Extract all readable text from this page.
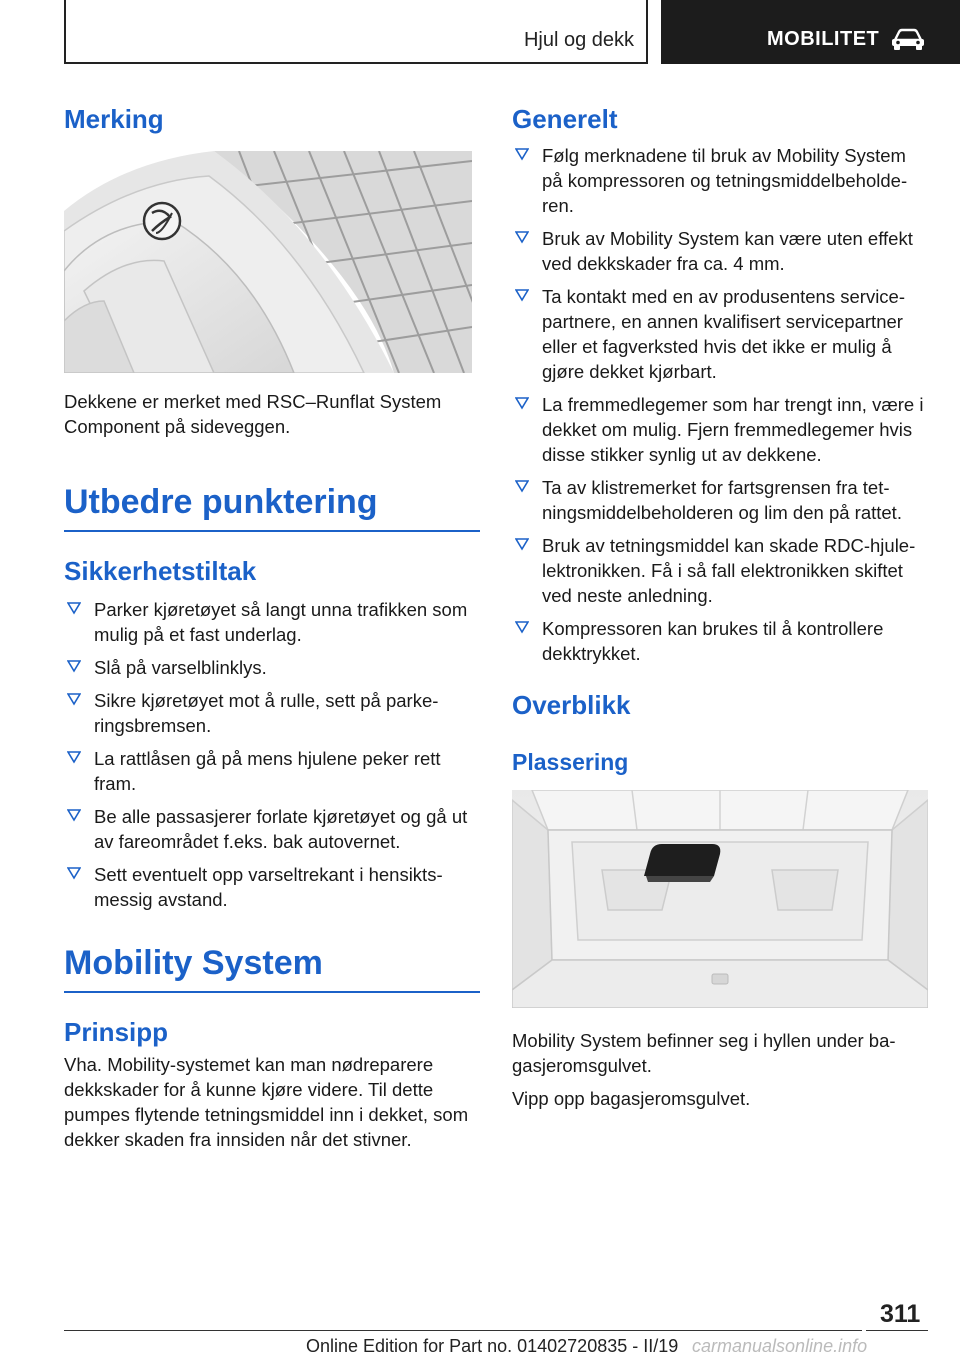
Hjul og dekk	MOBILITET
Merking

Dekkene er merket med RSC–Runflat System Component på sideveggen.

Utbedre punktering
Sikkerhetstiltak
Parker kjøretøyet så langt unna trafikken som mulig på et fast underlag.
Slå på varselblinklys.
Sikre kjøretøyet mot å rulle, sett på parkeringsbremsen.
La rattlåsen gå på mens hjulene peker rett fram.
Be alle passasjerer forlate kjøretøyet og gå ut av fareområdet f.eks. bak autovernet.
Sett eventuelt opp varseltrekant i hensiktsmessig avstand.
Mobility System
Prinsipp

Vha. Mobility-systemet kan man nødreparere dekkskader for å kunne kjøre videre. Til dette pumpes flytende tetningsmiddel inn i dekket, som dekker skaden fra innsiden når det stivner.

Generelt
Følg merknadene til bruk av Mobility System på kompressoren og tetningsmiddelbeholderen.
Bruk av Mobility System kan være uten effekt ved dekkskader fra ca. 4 mm.
Ta kontakt med en av produsentens servicepartnere, en annen kvalifisert servicepartner eller et fagverksted hvis det ikke er mulig å gjøre dekket kjørbart.
La fremmedlegemer som har trengt inn, være i dekket om mulig. Fjern fremmedlegemer hvis disse stikker synlig ut av dekkene.
Ta av klistremerket for fartsgrensen fra tetningsmiddelbeholderen og lim den på rattet.
Bruk av tetningsmiddel kan skade RDC-hjulelektronikken. Få i så fall elektronikken skiftet ved neste anledning.
Kompressoren kan brukes til å kontrollere dekktrykket.
Overblikk
Plassering

Mobility System befinner seg i hyllen under bagasjeromsgulvet.

Vipp opp bagasjeromsgulvet.

311
Online Edition for Part no. 01402720835 - II/19 carmanualsonline.info
